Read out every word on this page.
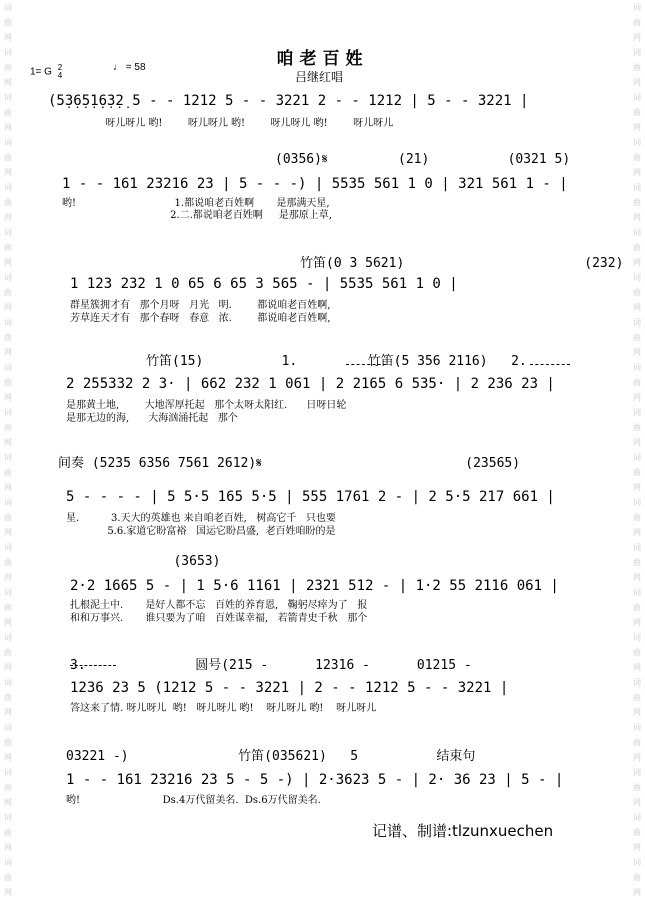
词曲网 词曲网 词曲网 词曲网 词曲网 词曲网 词曲网 词曲网 词曲网 词曲网 词曲网 词曲网 词曲网 词曲网 词曲网 词曲网 词曲网 词曲网 词曲网 词曲网
词曲网 词曲网 词曲网 词曲网 词曲网 词曲网 词曲网 词曲网 词曲网 词曲网 词曲网 词曲网 词曲网 词曲网 词曲网 词曲网 词曲网 词曲网 词曲网 词曲网
咱老百姓
吕继红唱
1= G 2
4
♩ = 58
(5̣3̣6̣5̣1̣6̣3̣2̣ 5 - - 1212 5 - - 3221 2 - - 1212 | 5 - - 3221 |
呀儿呀儿 哟!        呀儿呀儿 哟!        呀儿呀儿 哟!        呀儿呀儿
(0356)𝄋         (21)          (0321 5)
1 - - 161 23216 23 | 5 - - -) | 5535 561 1 0 | 321 561 1 - |
哟!                               1.都说咱老百姓啊       是那满天星,
2.二.都说咱老百姓啊     是那原上草,
竹笛(0 3 5621)                       (232)
1 123 232 1 0 65 6 65 3 565 - | 5535 561 1 0 |
群星簇拥才有   那个月呀   月光   明.        都说咱老百姓啊,
芳草连天才有   那个春呀   春意   浓.        都说咱老百姓啊,
竹笛(15)          1.         竹笛(5 356 2116)   2.
2 255332 2 3· | 662 232 1 061 | 2 2165 6 535· | 2 236 23 |
是那黄土地,        大地浑厚托起   那个太呀太阳红.      日呀日轮
是那无边的海,      大海汹涌托起   那个
间奏 (5235 6356 7561 2612)𝄋                          (23565)
5 - - - - | 5 5·5 165 5·5 | 555 1761 2 - | 2 5·5 217 661 |
星.          3.天大的英雄也 来自咱老百姓,   树高它千   只也要
5.6.家道它盼富裕   国运它盼昌盛,  老百姓咱盼的是
(3653)
2·2 1665 5 - | 1 5·6 1161 | 2321 512 - | 1·2 55 2116 061 |
扎根泥土中.       是好人都不忘   百姓的养育恩,   鞠躬尽瘁为了   报
和和万事兴.       谁只要为了咱   百姓谋幸福,   若箭青史千秋   那个
3.              圆号(215 -      12316 -      01215 -
1236 23 5 (1212 5 - - 3221 | 2 - - 1212 5 - - 3221 |
答这来了情. 呀儿呀儿  哟!   呀儿呀儿 哟!    呀儿呀儿 哟!    呀儿呀儿
03221 -)              竹笛(035621)   5          结束句
1 - - 161 23216 23 5 - 5 -) | 2·3623 5 - | 2· 36 23 | 5 - |
哟!                          Ds.4万代留美名.  Ds.6万代留美名.
记谱、制谱:tlzunxuechen
